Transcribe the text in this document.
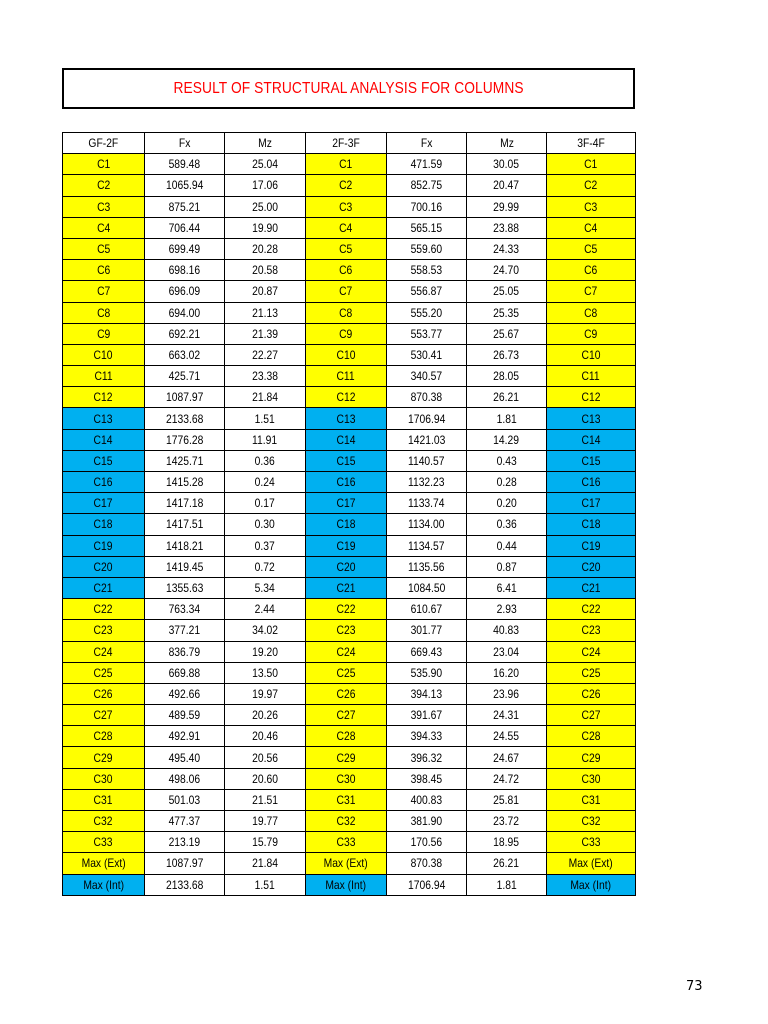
RESULT OF STRUCTURAL ANALYSIS FOR COLUMNS
GF-2F	Fx	Mz	2F-3F	Fx	Mz	3F-4F
C1	589.48	25.04	C1	471.59	30.05	C1
C2	1065.94	17.06	C2	852.75	20.47	C2
C3	875.21	25.00	C3	700.16	29.99	C3
C4	706.44	19.90	C4	565.15	23.88	C4
C5	699.49	20.28	C5	559.60	24.33	C5
C6	698.16	20.58	C6	558.53	24.70	C6
C7	696.09	20.87	C7	556.87	25.05	C7
C8	694.00	21.13	C8	555.20	25.35	C8
C9	692.21	21.39	C9	553.77	25.67	C9
C10	663.02	22.27	C10	530.41	26.73	C10
C11	425.71	23.38	C11	340.57	28.05	C11
C12	1087.97	21.84	C12	870.38	26.21	C12
C13	2133.68	1.51	C13	1706.94	1.81	C13
C14	1776.28	11.91	C14	1421.03	14.29	C14
C15	1425.71	0.36	C15	1140.57	0.43	C15
C16	1415.28	0.24	C16	1132.23	0.28	C16
C17	1417.18	0.17	C17	1133.74	0.20	C17
C18	1417.51	0.30	C18	1134.00	0.36	C18
C19	1418.21	0.37	C19	1134.57	0.44	C19
C20	1419.45	0.72	C20	1135.56	0.87	C20
C21	1355.63	5.34	C21	1084.50	6.41	C21
C22	763.34	2.44	C22	610.67	2.93	C22
C23	377.21	34.02	C23	301.77	40.83	C23
C24	836.79	19.20	C24	669.43	23.04	C24
C25	669.88	13.50	C25	535.90	16.20	C25
C26	492.66	19.97	C26	394.13	23.96	C26
C27	489.59	20.26	C27	391.67	24.31	C27
C28	492.91	20.46	C28	394.33	24.55	C28
C29	495.40	20.56	C29	396.32	24.67	C29
C30	498.06	20.60	C30	398.45	24.72	C30
C31	501.03	21.51	C31	400.83	25.81	C31
C32	477.37	19.77	C32	381.90	23.72	C32
C33	213.19	15.79	C33	170.56	18.95	C33
Max (Ext)	1087.97	21.84	Max (Ext)	870.38	26.21	Max (Ext)
Max (Int)	2133.68	1.51	Max (Int)	1706.94	1.81	Max (Int)
73
